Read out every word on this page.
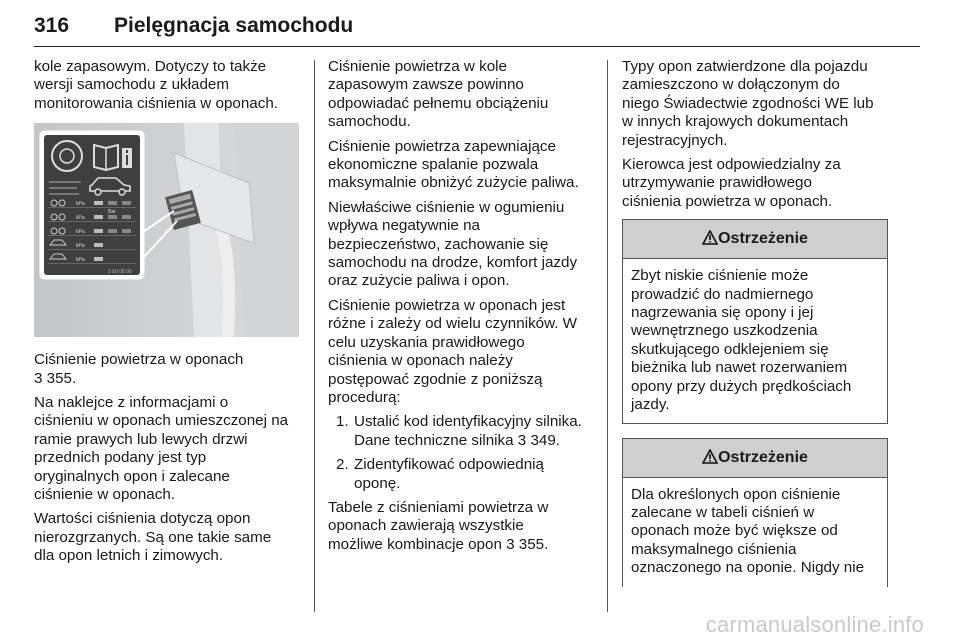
316 Pielęgnacja samochodu

kole zapasowym. Dotyczy to także
wersji samochodu z układem
monitorowania ciśnienia w oponach.

kPa
kPa
kPa
kPa
kPa
Bar
3 00 00 00

Ciśnienie powietrza w oponach
3 355.

Na naklejce z informacjami o
ciśnieniu w oponach umieszczonej na
ramie prawych lub lewych drzwi
przednich podany jest typ
oryginalnych opon i zalecane
ciśnienie w oponach.

Wartości ciśnienia dotyczą opon
nierozgrzanych. Są one takie same
dla opon letnich i zimowych.

Ciśnienie powietrza w kole
zapasowym zawsze powinno
odpowiadać pełnemu obciążeniu
samochodu.

Ciśnienie powietrza zapewniające
ekonomiczne spalanie pozwala
maksymalnie obniżyć zużycie paliwa.

Niewłaściwe ciśnienie w ogumieniu
wpływa negatywnie na
bezpieczeństwo, zachowanie się
samochodu na drodze, komfort jazdy
oraz zużycie paliwa i opon.

Ciśnienie powietrza w oponach jest
różne i zależy od wielu czynników. W
celu uzyskania prawidłowego
ciśnienia w oponach należy
postępować zgodnie z poniższą
procedurą:

1. Ustalić kod identyfikacyjny silnika.
Dane techniczne silnika 3 349.
2. Zidentyfikować odpowiednią
oponę.

Tabele z ciśnieniami powietrza w
oponach zawierają wszystkie
możliwe kombinacje opon 3 355.

Typy opon zatwierdzone dla pojazdu
zamieszczono w dołączonym do
niego Świadectwie zgodności WE lub
w innych krajowych dokumentach
rejestracyjnych.

Kierowca jest odpowiedzialny za
utrzymywanie prawidłowego
ciśnienia powietrza w oponach.

Ostrzeżenie
Zbyt niskie ciśnienie może
prowadzić do nadmiernego
nagrzewania się opony i jej
wewnętrznego uszkodzenia
skutkującego odklejeniem się
bieżnika lub nawet rozerwaniem
opony przy dużych prędkościach
jazdy.
Ostrzeżenie
Dla określonych opon ciśnienie
zalecane w tabeli ciśnień w
oponach może być większe od
maksymalnego ciśnienia
oznaczonego na oponie. Nigdy nie
carmanualsonline.info
